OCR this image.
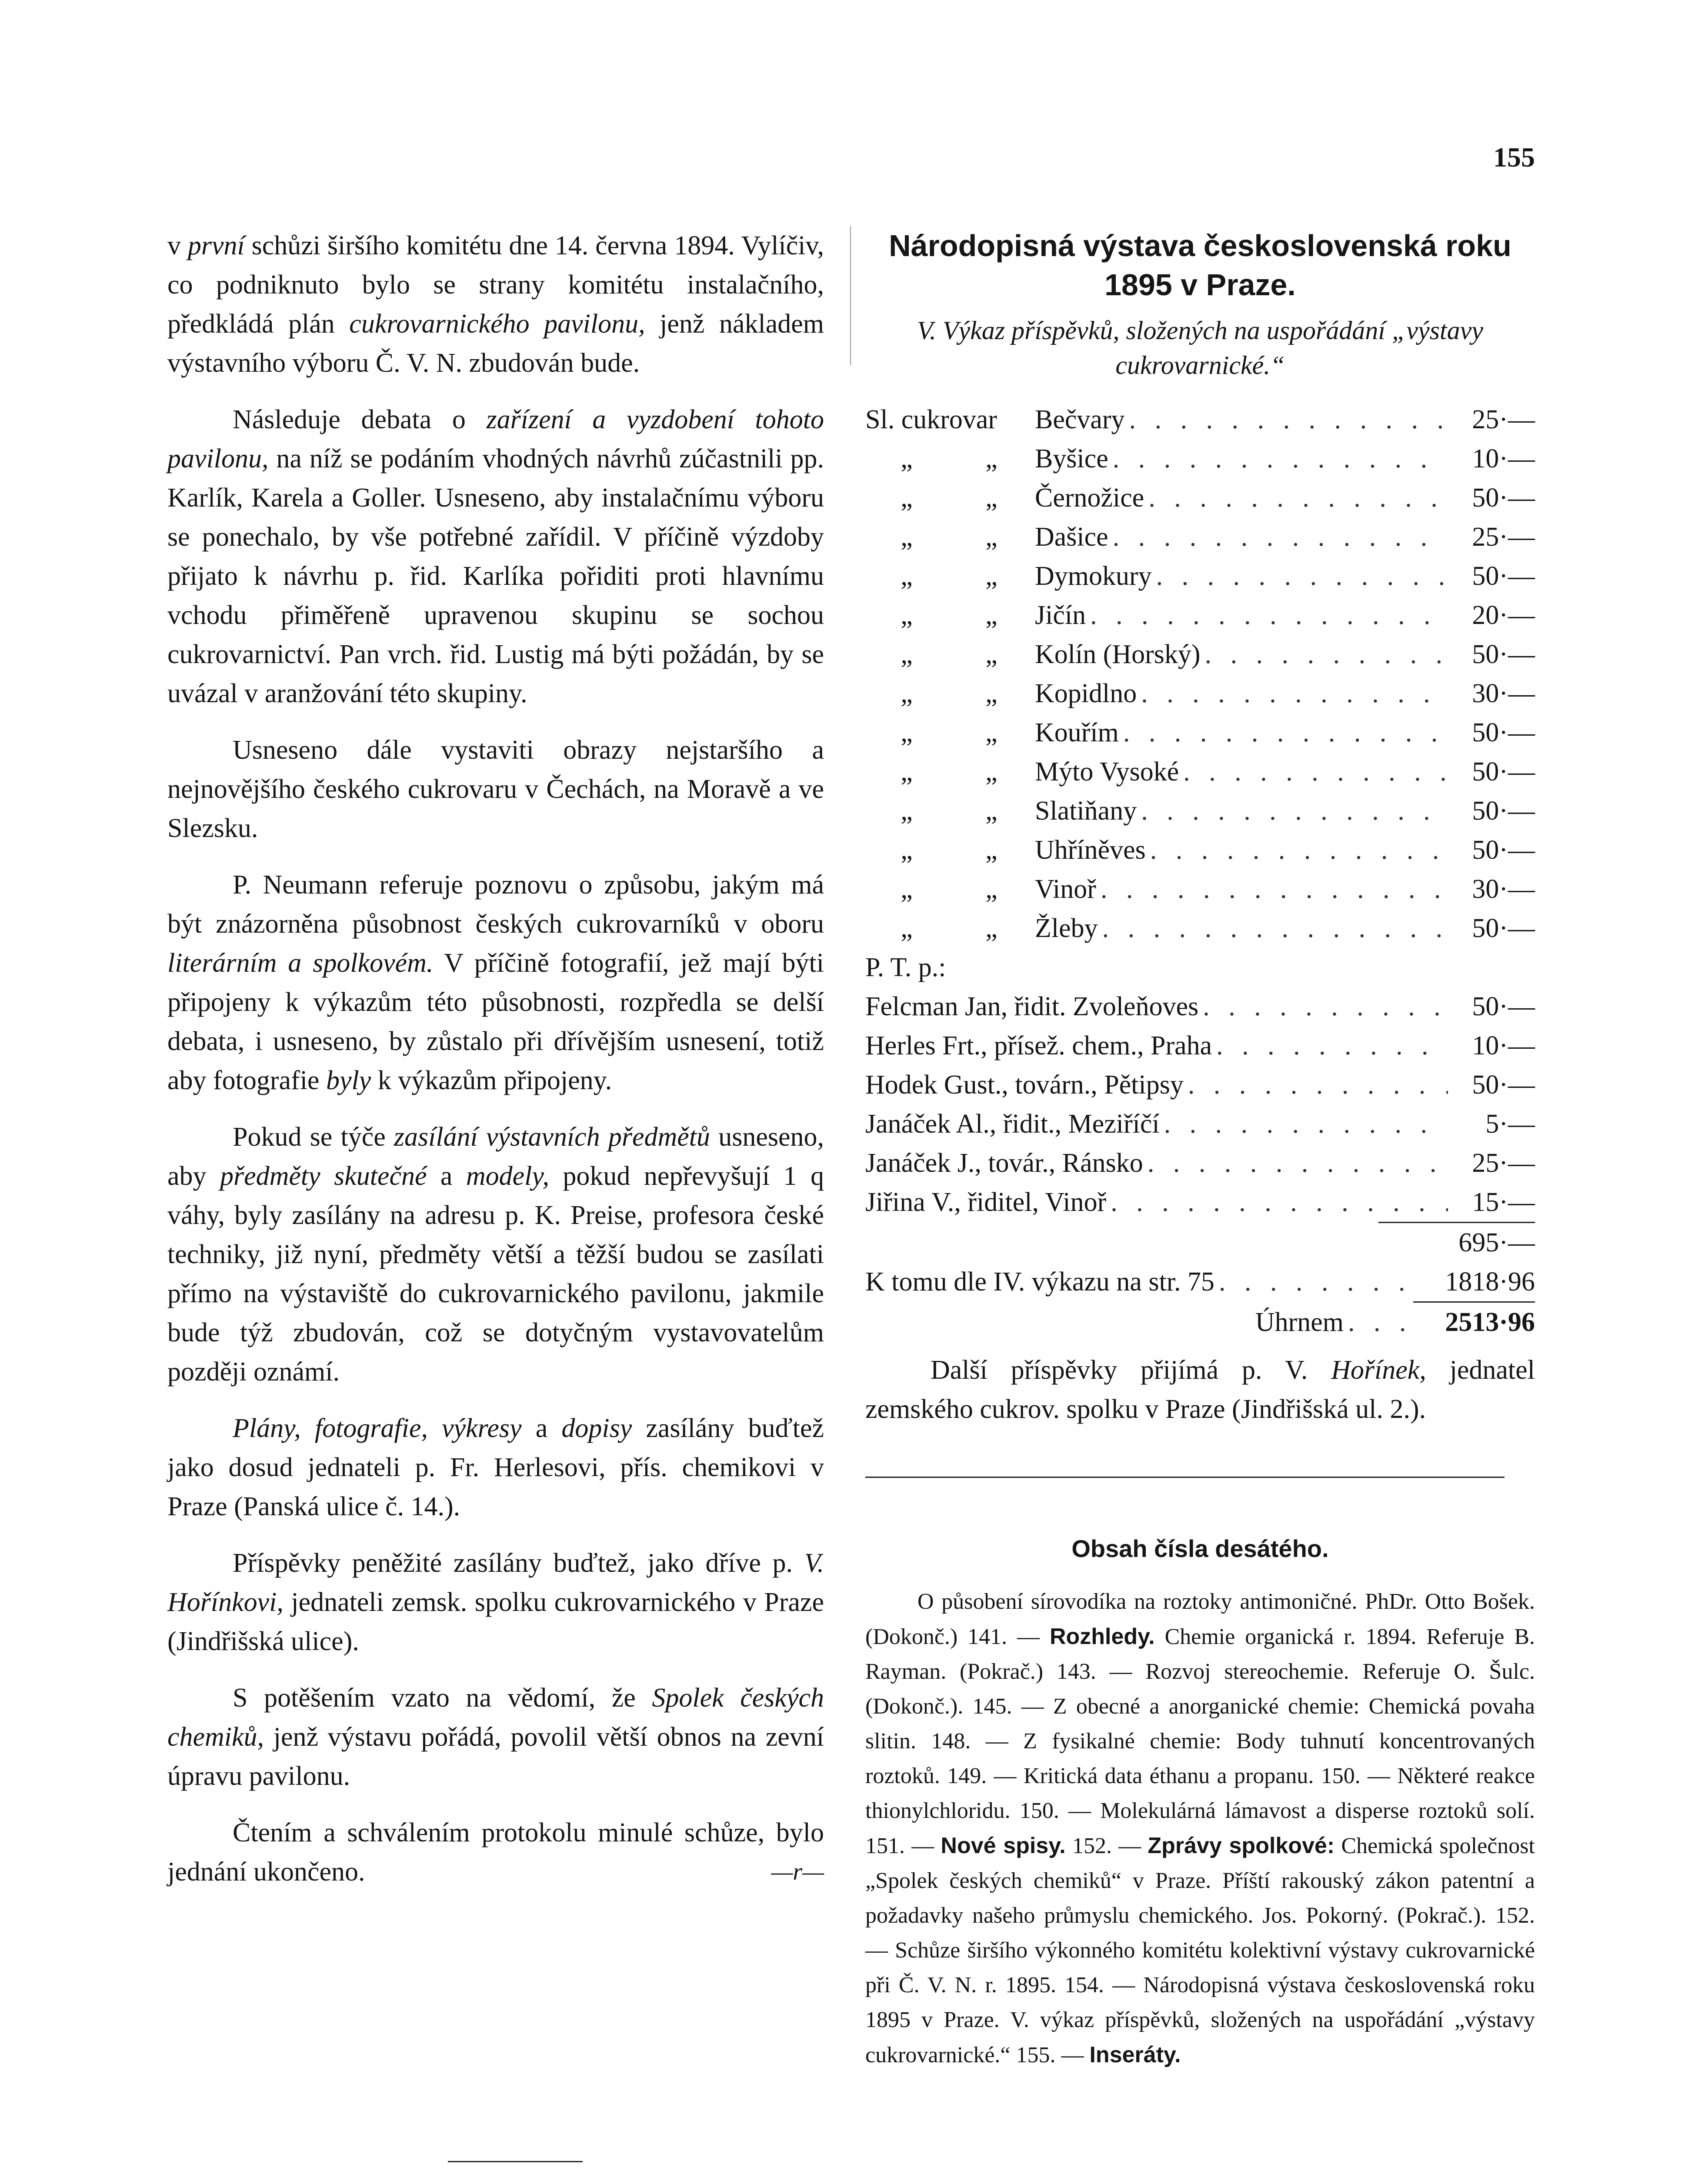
155

v první schůzi širšího komitétu dne 14. června 1894. Vylíčiv, co podniknuto bylo se strany komitétu instalačního, předkládá plán cukrovarnického pavilonu, jenž nákladem výstavního výboru Č. V. N. zbudován bude.

Následuje debata o zařízení a vyzdobení tohoto pavilonu, na níž se podáním vhodných návrhů zúčastnili pp. Karlík, Karela a Goller. Usneseno, aby instalačnímu výboru se ponechalo, by vše potřebné zařídil. V příčině výzdoby přijato k návrhu p. řid. Karlíka pořiditi proti hlavnímu vchodu přiměřeně upravenou skupinu se sochou cukrovarnictví. Pan vrch. řid. Lustig má býti požádán, by se uvázal v aranžování této skupiny.

Usneseno dále vystaviti obrazy nejstaršího a nejnovějšího českého cukrovaru v Čechách, na Moravě a ve Slezsku.

P. Neumann referuje poznovu o způsobu, jakým má být znázorněna působnost českých cukrovarníků v oboru literárním a spolkovém. V příčině fotografií, jež mají býti připojeny k výkazům této působnosti, rozpředla se delší debata, i usneseno, by zůstalo při dřívějším usnesení, totiž aby fotografie byly k výkazům připojeny.

Pokud se týče zasílání výstavních předmětů usneseno, aby předměty skutečné a modely, pokud nepřevyšují 1 q váhy, byly zasílány na adresu p. K. Preise, profesora české techniky, již nyní, předměty větší a těžší budou se zasílati přímo na výstaviště do cukrovarnického pavilonu, jakmile bude týž zbudován, což se dotyčným vystavovatelům později oznámí.

Plány, fotografie, výkresy a dopisy zasílány buďtež jako dosud jednateli p. Fr. Herlesovi, přís. chemikovi v Praze (Panská ulice č. 14.).

Příspěvky peněžité zasílány buďtež, jako dříve p. V. Hořínkovi, jednateli zemsk. spolku cukrovarnického v Praze (Jindřišská ulice).

S potěšením vzato na vědomí, že Spolek českých chemiků, jenž výstavu pořádá, povolil větší obnos na zevní úpravu pavilonu.

Čtením a schválením protokolu minulé schůze, bylo jednání ukončeno.	—r—

Národopisná výstava československá roku 1895 v Praze.

V. Výkaz příspěvků, složených na uspořádání „výstavy cukrovarnické.“

Sl. cukrovar	Bečvary . . .	25·—
„	„	Byšice . . .	10·—
„	„	Černožice . . .	50·—
„	„	Dašice . . .	25·—
„	„	Dymokury . . .	50·—
„	„	Jičín . . .	20·—
„	„	Kolín (Horský) . . .	50·—
„	„	Kopidlno . . .	30·—
„	„	Kouřím . . .	50·—
„	„	Mýto Vysoké . . .	50·—
„	„	Slatiňany . . .	50·—
„	„	Uhříněves . . .	50·—
„	„	Vinoř . . .	30·—
„	„	Žleby . . .	50·—
P. T. p.:
Felcman Jan, řidit. Zvoleňoves . . .	50·—
Herles Frt., přísež. chem., Praha . . .	10·—
Hodek Gust., továrn., Pětipsy . . .	50·—
Janáček Al., řidit., Meziříčí . . .	5·—
Janáček J., továr., Ránsko . . .	25·—
Jiřina V., řiditel, Vinoř . . .	15·—
695·—
K tomu dle IV. výkazu na str. 75 . . .	1818·96
Úhrnem . . .	2513·96

Další příspěvky přijímá p. V. Hořínek, jednatel zemského cukrov. spolku v Praze (Jindřišská ul. 2.).

Obsah čísla desátého.

O působení sírovodíka na roztoky antimoničné. PhDr. Otto Bošek. (Dokonč.) 141. — Rozhledy. Chemie organická r. 1894. Referuje B. Rayman. (Pokrač.) 143. — Rozvoj stereochemie. Referuje O. Šulc. (Dokonč.). 145. — Z obecné a anorganické chemie: Chemická povaha slitin. 148. — Z fysikalné chemie: Body tuhnutí koncentrovaných roztoků. 149. — Kritická data éthanu a propanu. 150. — Některé reakce thionylchloridu. 150. — Molekulárná lámavost a disperse roztoků solí. 151. — Nové spisy. 152. — Zprávy spolkové: Chemická společnost „Spolek českých chemiků“ v Praze. Příští rakouský zákon patentní a požadavky našeho průmyslu chemického. Jos. Pokorný. (Pokrač.). 152. — Schůze širšího výkonného komitétu kolektivní výstavy cukrovarnické při Č. V. N. r. 1895. 154. — Národopisná výstava československá roku 1895 v Praze. V. výkaz příspěvků, složených na uspořádání „výstavy cukrovarnické.“ 155. — Inseráty.
